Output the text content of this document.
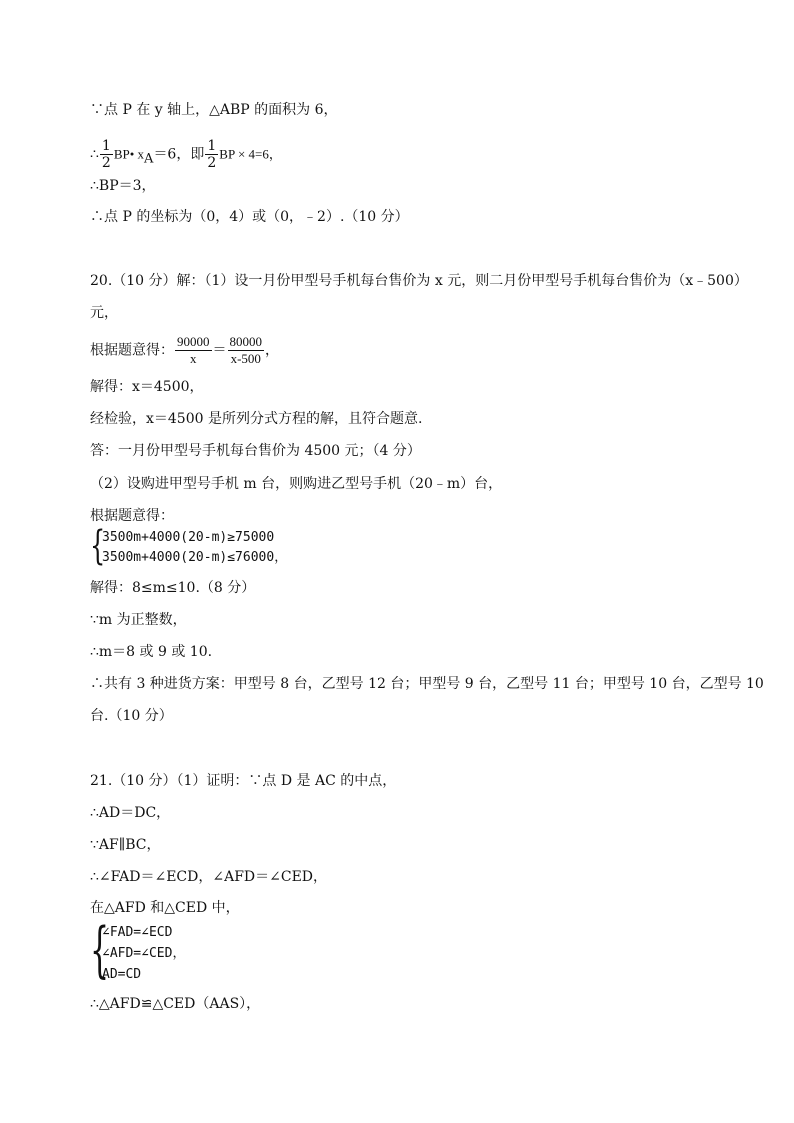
∵点 P 在 y 轴上，△ABP 的面积为 6，
∴ $\frac{1}{2}$ BP• $x_A=6$，即 $\frac{1}{2}$ BP × 4=6，
∴BP＝3，
∴点 P 的坐标为（0，4）或（0，﹣2）.（10 分）
20.（10 分）解：（1）设一月份甲型号手机每台售价为 x 元，则二月份甲型号手机每台售价为（x﹣500）
元，
根据题意得： $\frac{90000}{x} = \frac{80000}{x-500}$ ，
解得：x＝4500，
经检验，x＝4500 是所列分式方程的解，且符合题意.
答：一月份甲型号手机每台售价为 4500 元；（4 分）
（2）设购进甲型号手机 m 台，则购进乙型号手机（20﹣m）台，
根据题意得：
{
3500m+4000(20-m)≥75000
3500m+4000(20-m)≤76000，
解得：8≤m≤10.（8 分）
∵m 为正整数，
∴m＝8 或 9 或 10.
∴共有 3 种进货方案：甲型号 8 台，乙型号 12 台；甲型号 9 台，乙型号 11 台；甲型号 10 台，乙型号 10
台.（10 分）
21.（10 分）（1）证明：∵点 D 是 AC 的中点，
∴AD＝DC，
∵AF∥BC，
∴∠FAD＝∠ECD，∠AFD＝∠CED，
在△AFD 和△CED 中，
{
∠FAD=∠ECD
∠AFD=∠CED，
AD=CD
∴△AFD≌△CED（AAS），
